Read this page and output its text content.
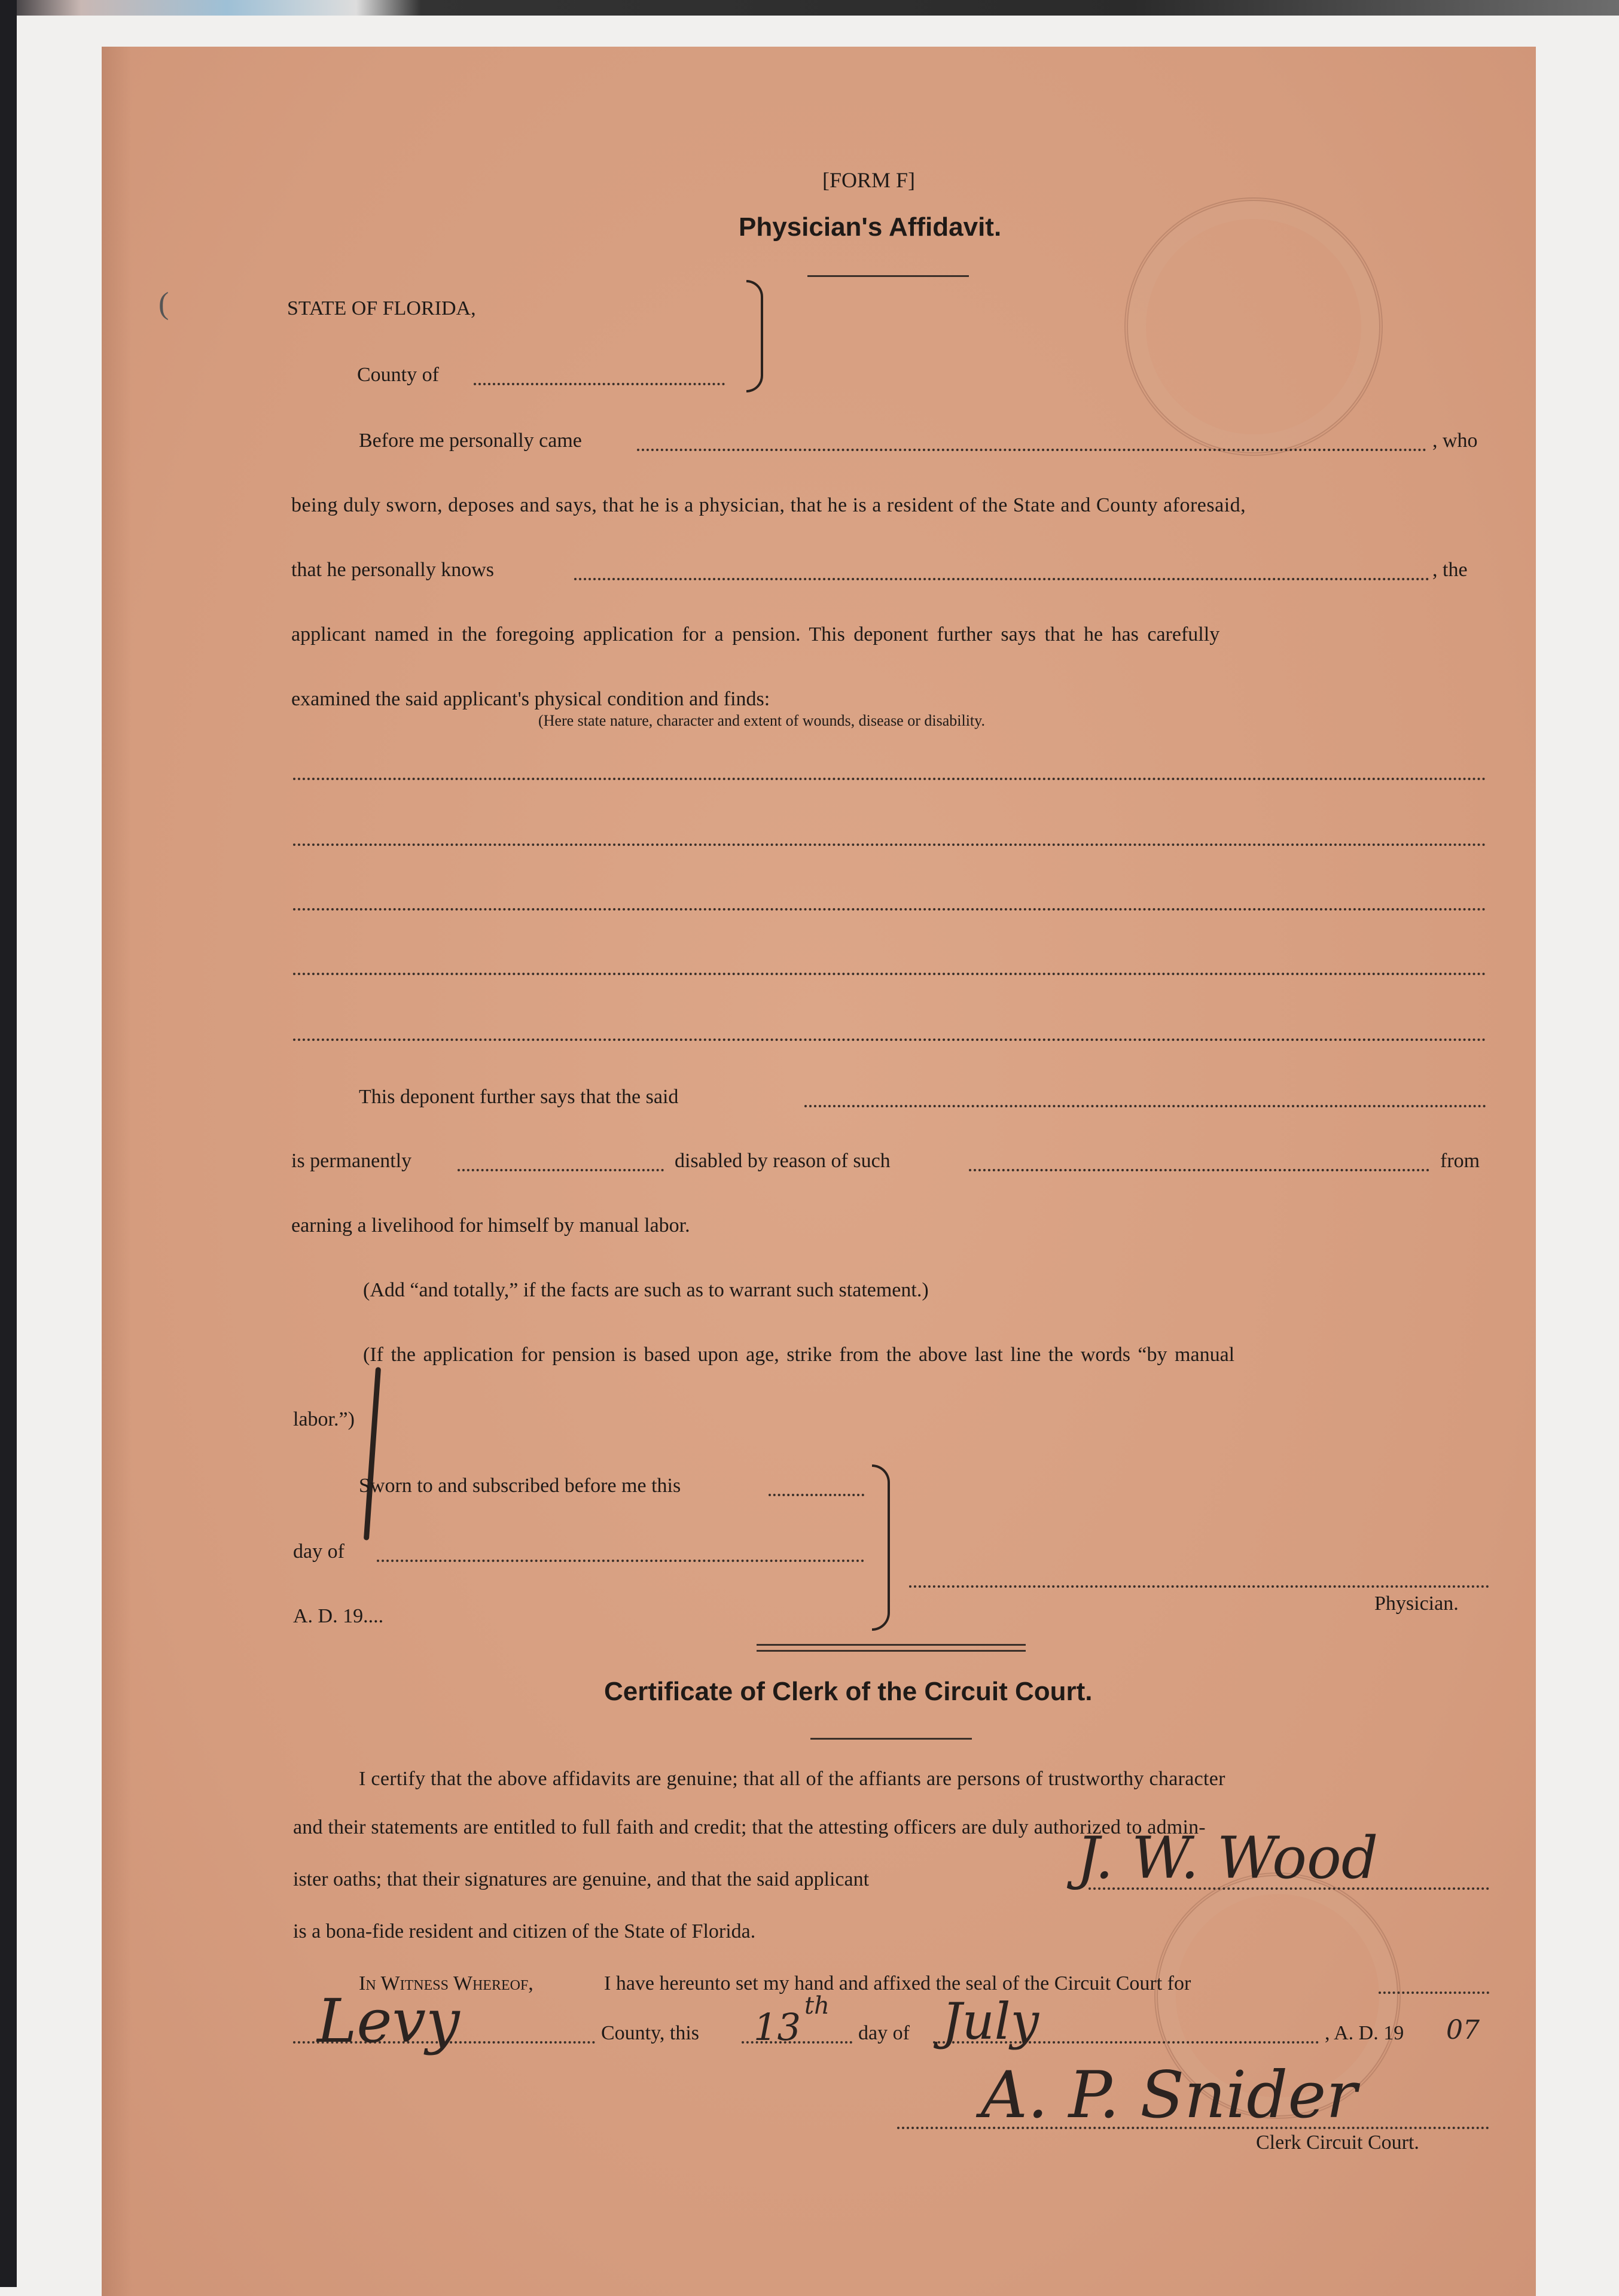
[FORM F]
Physician's Affidavit.
STATE OF FLORIDA,
County of
Before me personally came	, who
being duly sworn, deposes and says, that he is a physician, that he is a resident of the State and County aforesaid,
that he personally knows	, the
applicant named in the foregoing application for a pension. This deponent further says that he has carefully
examined the said applicant's physical condition and finds:
(Here state nature, character and extent of wounds, disease or disability.
This deponent further says that the said
is permanently	disabled by reason of such	from
earning a livelihood for himself by manual labor.
(Add “and totally,” if the facts are such as to warrant such statement.)
(If the application for pension is based upon age, strike from the above last line the words “by manual
labor.”)
Sworn to and subscribed before me this
day of
A. D. 19....
Physician.
Certificate of Clerk of the Circuit Court.
I certify that the above affidavits are genuine; that all of the affiants are persons of trustworthy character
and their statements are entitled to full faith and credit; that the attesting officers are duly authorized to admin-
ister oaths; that their signatures are genuine, and that the said applicant
is a bona-fide resident and citizen of the State of Florida.
In Witness Whereof,	I have hereunto set my hand and affixed the seal of the Circuit Court for
County, this	day of	, A. D. 19
Clerk Circuit Court.
J. W. Wood
Levy	13 th July	07
A. P. Snider
(
